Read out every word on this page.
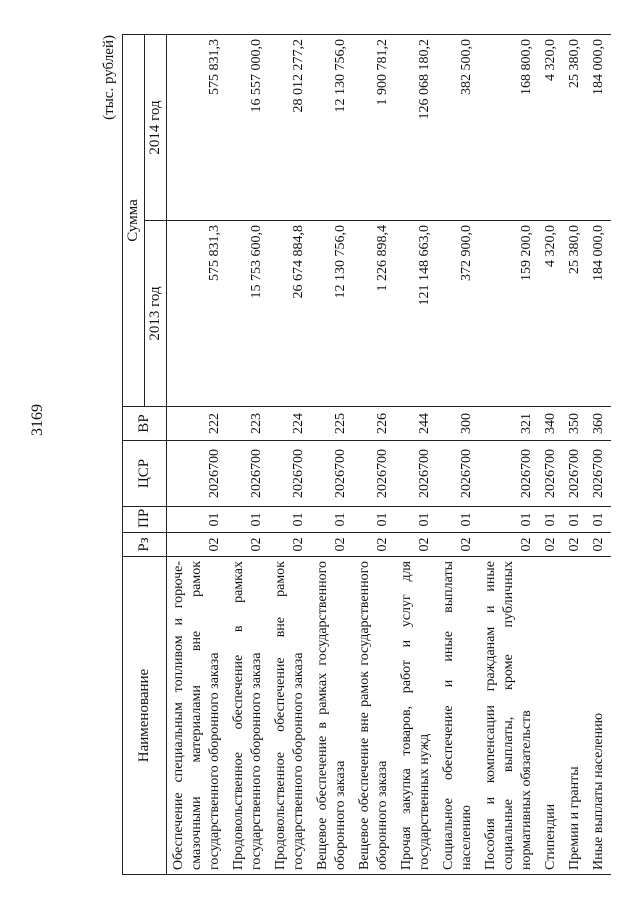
3169
(тыс. рублей)
Наименование	Рз	ПР	ЦСР	ВР	Сумма	
					2013 год	2014 год
Обеспечение специальным топливом и горюче-смазочными материалами вне рамок государственного оборонного заказа	02	01	2026700	222	575 831,3	575 831,3
Продовольственное обеспечение в рамках государственного оборонного заказа	02	01	2026700	223	15 753 600,0	16 557 000,0
Продовольственное обеспечение вне рамок государственного оборонного заказа	02	01	2026700	224	26 674 884,8	28 012 277,2
Вещевое обеспечение в рамках государственного оборонного заказа	02	01	2026700	225	12 130 756,0	12 130 756,0
Вещевое обеспечение вне рамок государственного оборонного заказа	02	01	2026700	226	1 226 898,4	1 900 781,2
Прочая закупка товаров, работ и услуг для государственных нужд	02	01	2026700	244	121 148 663,0	126 068 180,2
Социальное обеспечение и иные выплаты населению	02	01	2026700	300	372 900,0	382 500,0
Пособия и компенсации гражданам и иные социальные выплаты, кроме публичных нормативных обязательств	02	01	2026700	321	159 200,0	168 800,0
Стипендии	02	01	2026700	340	4 320,0	4 320,0
Премии и гранты	02	01	2026700	350	25 380,0	25 380,0
Иные выплаты населению	02	01	2026700	360	184 000,0	184 000,0
